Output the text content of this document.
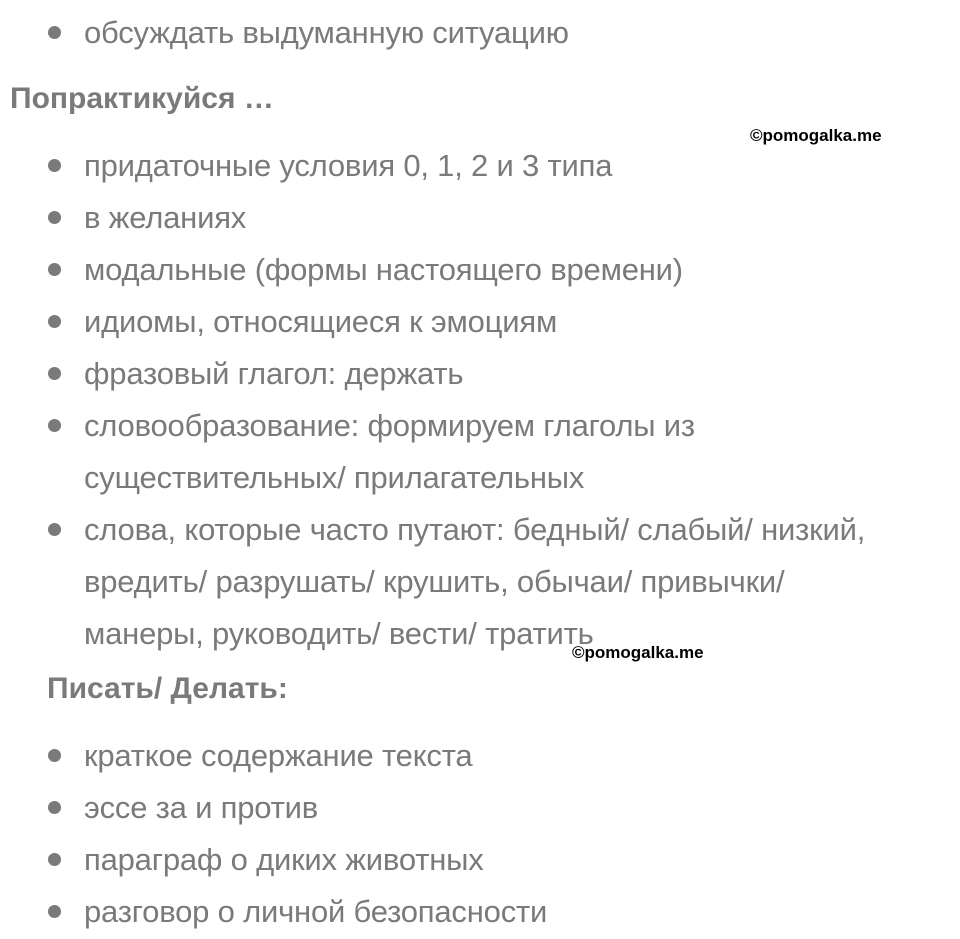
обсуждать выдуманную ситуацию
Попрактикуйся …
©pomogalka.me
придаточные условия 0, 1, 2 и 3 типа
в желаниях
модальные (формы настоящего времени)
идиомы, относящиеся к эмоциям
фразовый глагол: держать
словообразование: формируем глаголы из
существительных/ прилагательных
слова, которые часто путают: бедный/ слабый/ низкий,
вредить/ разрушать/ крушить, обычаи/ привычки/
манеры, руководить/ вести/ тратить
©pomogalka.me
Писать/ Делать:
краткое содержание текста
эссе за и против
параграф о диких животных
разговор о личной безопасности
